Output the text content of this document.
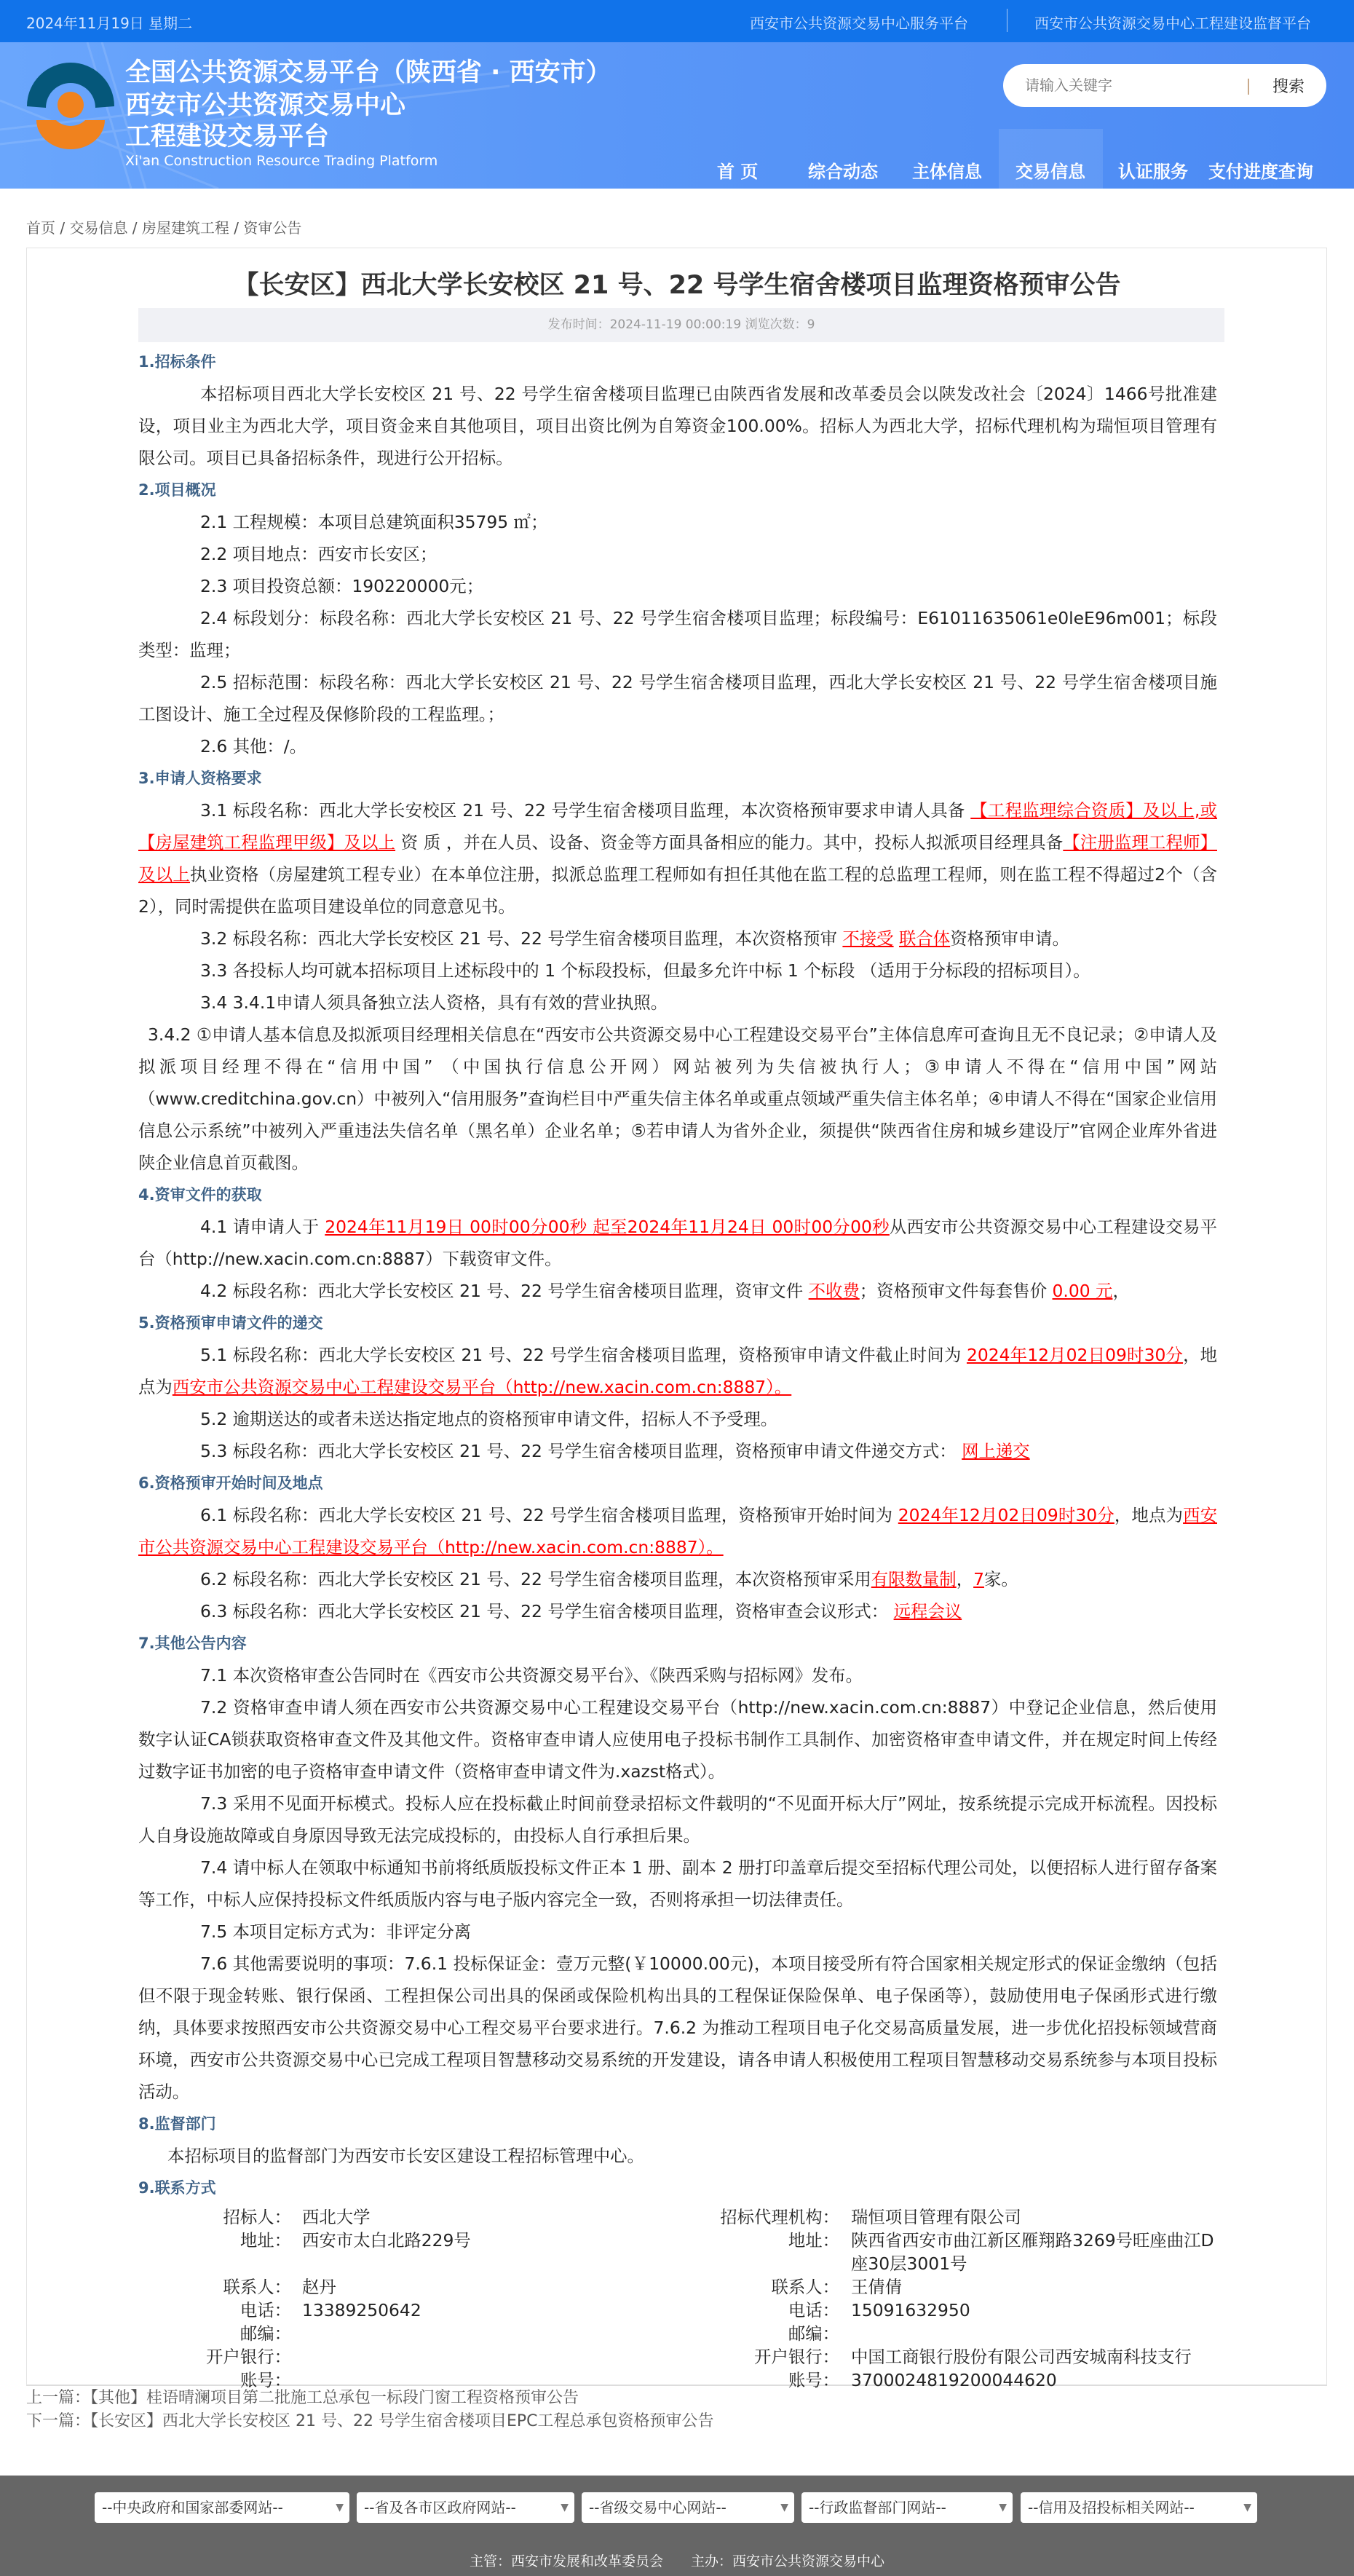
2024年11月19日 星期二	西安市公共资源交易中心服务平台	西安市公共资源交易中心工程建设监督平台
全国公共资源交易平台（陕西省 · 西安市）
西安市公共资源交易中心
工程建设交易平台
Xi'an Construction Resource Trading Platform
请输入关键字
搜索
首 页	综合动态 主体信息 交易信息 认证服务 支付进度查询
首页 / 交易信息 / 房屋建筑工程 / 资审公告
【长安区】西北大学长安校区 21 号、22 号学生宿舍楼项目监理资格预审公告
发布时间：2024-11-19 00:00:19 浏览次数：9
1.招标条件

本招标项目西北大学长安校区 21 号、22 号学生宿舍楼项目监理已由陕西省发展和改革委员会以陕发改社会〔2024〕1466号批准建设，项目业主为西北大学，项目资金来自其他项目，项目出资比例为自筹资金100.00%。招标人为西北大学，招标代理机构为瑞恒项目管理有限公司。项目已具备招标条件，现进行公开招标。

2.项目概况

2.1 工程规模：本项目总建筑面积35795 ㎡；

2.2 项目地点：西安市长安区；

2.3 项目投资总额：190220000元；

2.4 标段划分：标段名称：西北大学长安校区 21 号、22 号学生宿舍楼项目监理；标段编号：E61011635061e0leE96m001；标段类型：监理；

2.5 招标范围：标段名称：西北大学长安校区 21 号、22 号学生宿舍楼项目监理，西北大学长安校区 21 号、22 号学生宿舍楼项目施工图设计、施工全过程及保修阶段的工程监理。；

2.6 其他：/。

3.申请人资格要求

3.1 标段名称：西北大学长安校区 21 号、22 号学生宿舍楼项目监理，本次资格预审要求申请人具备 【工程监理综合资质】及以上,或【房屋建筑工程监理甲级】及以上 资 质 ，并在人员、设备、资金等方面具备相应的能力。其中，投标人拟派项目经理具备【注册监理工程师】及以上执业资格（房屋建筑工程专业）在本单位注册，拟派总监理工程师如有担任其他在监工程的总监理工程师，则在监工程不得超过2个（含2），同时需提供在监项目建设单位的同意意见书。

3.2 标段名称：西北大学长安校区 21 号、22 号学生宿舍楼项目监理，本次资格预审 不接受 联合体资格预审申请。

3.3 各投标人均可就本招标项目上述标段中的 1 个标段投标，但最多允许中标 1 个标段 （适用于分标段的招标项目）。

3.4 3.4.1申请人须具备独立法人资格，具有有效的营业执照。

3.4.2 ①申请人基本信息及拟派项目经理相关信息在“西安市公共资源交易中心工程建设交易平台”主体信息库可查询且无不良记录；②申请人及拟派项目经理不得在“信用中国” （中国执行信息公开网）网站被列为失信被执行人；③申请人不得在“信用中国”网站（www.creditchina.gov.cn）中被列入“信用服务”查询栏目中严重失信主体名单或重点领域严重失信主体名单；④申请人不得在“国家企业信用信息公示系统”中被列入严重违法失信名单（黑名单）企业名单；⑤若申请人为省外企业，须提供“陕西省住房和城乡建设厅”官网企业库外省进陕企业信息首页截图。

4.资审文件的获取

4.1 请申请人于 2024年11月19日 00时00分00秒 起至2024年11月24日 00时00分00秒从西安市公共资源交易中心工程建设交易平台（http://new.xacin.com.cn:8887）下载资审文件。

4.2 标段名称：西北大学长安校区 21 号、22 号学生宿舍楼项目监理，资审文件 不收费；资格预审文件每套售价 0.00 元，

5.资格预审申请文件的递交

5.1 标段名称：西北大学长安校区 21 号、22 号学生宿舍楼项目监理，资格预审申请文件截止时间为 2024年12月02日09时30分，地点为西安市公共资源交易中心工程建设交易平台（http://new.xacin.com.cn:8887）。

5.2 逾期送达的或者未送达指定地点的资格预审申请文件，招标人不予受理。

5.3 标段名称：西北大学长安校区 21 号、22 号学生宿舍楼项目监理，资格预审申请文件递交方式： 网上递交

6.资格预审开始时间及地点

6.1 标段名称：西北大学长安校区 21 号、22 号学生宿舍楼项目监理，资格预审开始时间为 2024年12月02日09时30分，地点为西安市公共资源交易中心工程建设交易平台（http://new.xacin.com.cn:8887）。

6.2 标段名称：西北大学长安校区 21 号、22 号学生宿舍楼项目监理，本次资格预审采用有限数量制，7家。

6.3 标段名称：西北大学长安校区 21 号、22 号学生宿舍楼项目监理，资格审查会议形式： 远程会议

7.其他公告内容

7.1 本次资格审查公告同时在《西安市公共资源交易平台》、《陕西采购与招标网》发布。

7.2 资格审查申请人须在西安市公共资源交易中心工程建设交易平台（http://new.xacin.com.cn:8887）中登记企业信息，然后使用数字认证CA锁获取资格审查文件及其他文件。资格审查申请人应使用电子投标书制作工具制作、加密资格审查申请文件，并在规定时间上传经过数字证书加密的电子资格审查申请文件（资格审查申请文件为.xazst格式）。

7.3 采用不见面开标模式。投标人应在投标截止时间前登录招标文件载明的“不见面开标大厅”网址，按系统提示完成开标流程。因投标人自身设施故障或自身原因导致无法完成投标的，由投标人自行承担后果。

7.4 请中标人在领取中标通知书前将纸质版投标文件正本 1 册、副本 2 册打印盖章后提交至招标代理公司处，以便招标人进行留存备案等工作，中标人应保持投标文件纸质版内容与电子版内容完全一致，否则将承担一切法律责任。

7.5 本项目定标方式为：非评定分离

7.6 其他需要说明的事项：7.6.1 投标保证金：壹万元整(￥10000.00元)，本项目接受所有符合国家相关规定形式的保证金缴纳（包括但不限于现金转账、银行保函、工程担保公司出具的保函或保险机构出具的工程保证保险保单、电子保函等），鼓励使用电子保函形式进行缴纳，具体要求按照西安市公共资源交易中心工程交易平台要求进行。7.6.2 为推动工程项目电子化交易高质量发展，进一步优化招投标领域营商环境，西安市公共资源交易中心已完成工程项目智慧移动交易系统的开发建设，请各申请人积极使用工程项目智慧移动交易系统参与本项目投标活动。

8.监督部门

本招标项目的监督部门为西安市长安区建设工程招标管理中心。

9.联系方式
招标人： 西北大学	招标代理机构： 瑞恒项目管理有限公司
地址： 西安市太白北路229号	地址： 陕西省西安市曲江新区雁翔路3269号旺座曲江D座30层3001号
联系人： 赵丹	联系人： 王倩倩
电话： 13389250642	电话： 15091632950
邮编：	邮编：
开户银行：	开户银行： 中国工商银行股份有限公司西安城南科技支行
账号：	账号： 3700024819200044620
上一篇：【其他】桂语晴澜项目第二批施工总承包一标段门窗工程资格预审公告
下一篇：【长安区】西北大学长安校区 21 号、22 号学生宿舍楼项目EPC工程总承包资格预审公告
--中央政府和国家部委网站--	▼	--省及各市区政府网站--	▼	--省级交易中心网站--	▼	--行政监督部门网站--	▼	--信用及招投标相关网站--	▼
主管：西安市发展和改革委员会　　主办：西安市公共资源交易中心
